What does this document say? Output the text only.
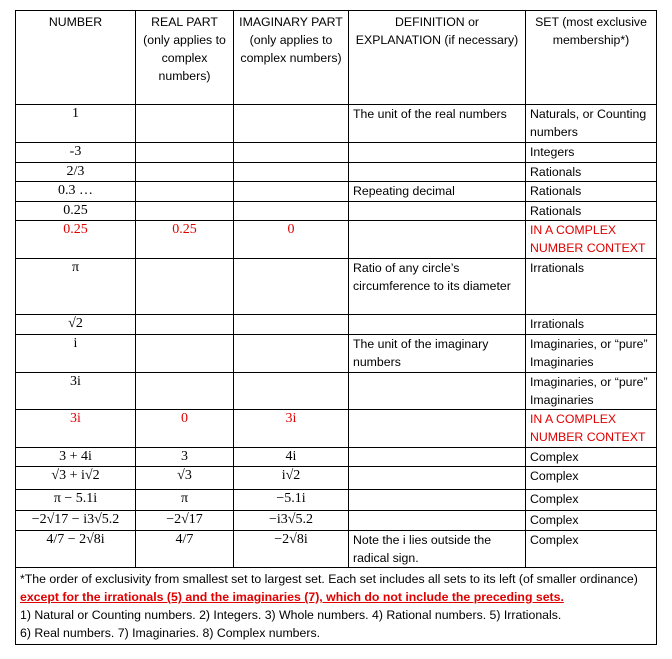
NUMBER	REAL PART (only applies to complex numbers)	IMAGINARY PART (only applies to complex numbers)	DEFINITION or EXPLANATION (if necessary)	SET (most exclusive membership*)
1			The unit of the real numbers	Naturals, or Counting numbers
-3				Integers
2/3				Rationals
0.3 …			Repeating decimal	Rationals
0.25				Rationals
0.25	0.25	0		IN A COMPLEX NUMBER CONTEXT
π			Ratio of any circle’s circumference to its diameter	Irrationals
√2				Irrationals
i			The unit of the imaginary numbers	Imaginaries, or “pure” Imaginaries
3i				Imaginaries, or “pure” Imaginaries
3i	0	3i		IN A COMPLEX NUMBER CONTEXT
3 + 4i	3	4i		Complex
√3 + i√2	√3	i√2		Complex
π − 5.1i	π	−5.1i		Complex
−2√17 − i3√5.2	−2√17	−i3√5.2		Complex
4/7 − 2√8i	4/7	−2√8i	Note the i lies outside the radical sign.	Complex
*The order of exclusivity from smallest set to largest set. Each set includes all sets to its left (of smaller ordinance) except for the irrationals (5) and the imaginaries (7), which do not include the preceding sets.
1) Natural or Counting numbers. 2) Integers. 3) Whole numbers. 4) Rational numbers. 5) Irrationals.
6) Real numbers. 7) Imaginaries. 8) Complex numbers.				
